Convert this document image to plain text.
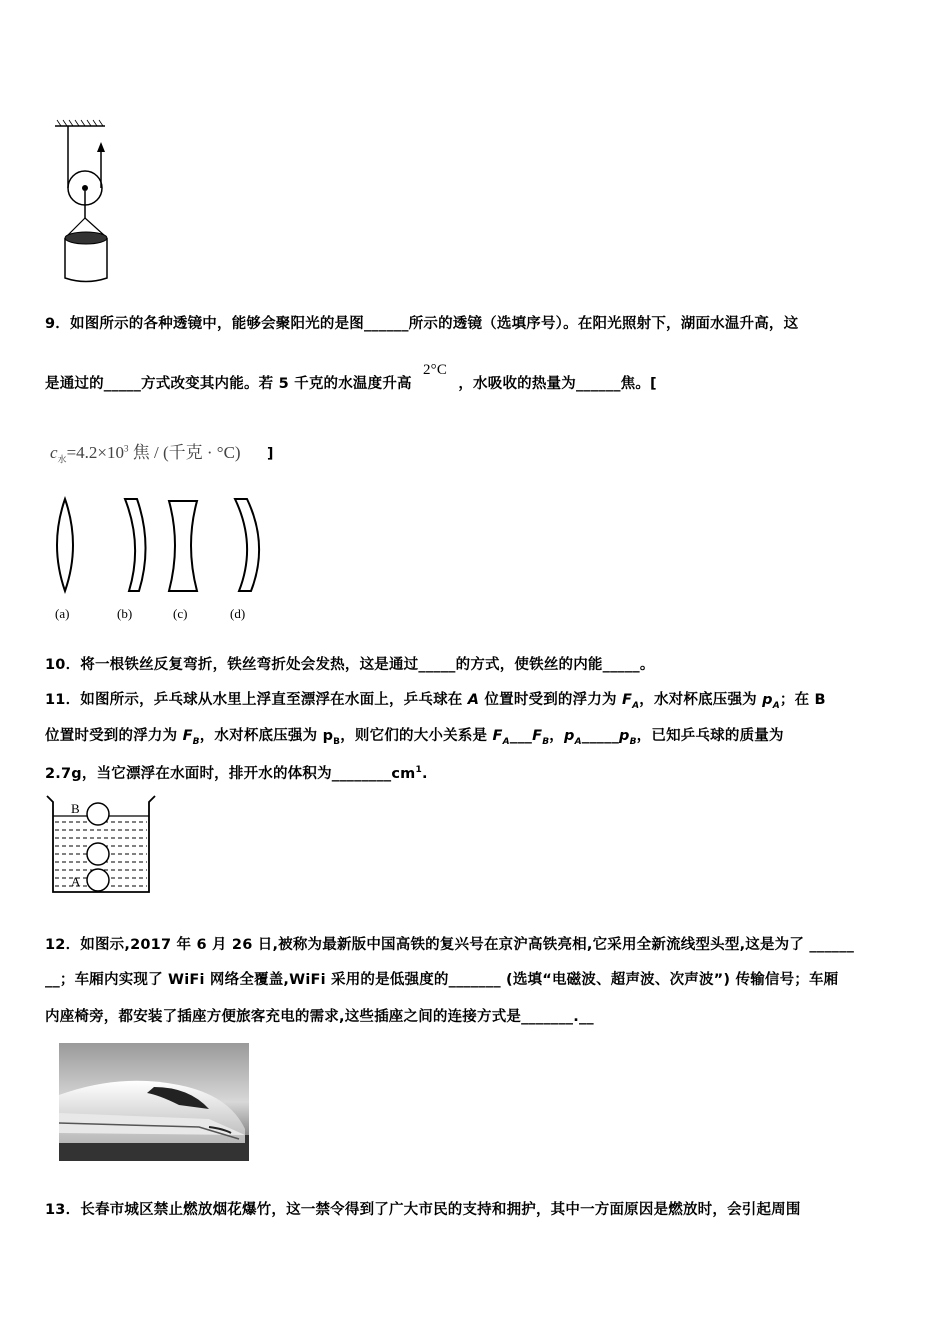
9．如图所示的各种透镜中，能够会聚阳光的是图______所示的透镜（选填序号）。在阳光照射下，湖面水温升高，这
是通过的_____方式改变其内能。若 5 千克的水温度升高 2°C ，水吸收的热量为______焦。[
$c_水=4.2\times 10^3$ 焦 / (千克 · °C) ]
(a)	(b)	(c)	(d)
10．将一根铁丝反复弯折，铁丝弯折处会发热，这是通过_____的方式，使铁丝的内能_____。
11．如图所示，乒乓球从水里上浮直至漂浮在水面上，乒乓球在 A 位置时受到的浮力为 $F_A$，水对杯底压强为 $p_A$；在 B
位置时受到的浮力为 $F_B$，水对杯底压强为 $p_B$，则它们的大小关系是 $F_A\_\_\_F_B$，$p_A\_\_\_\_\_p_B$，已知乒乓球的质量为
2.7g，当它漂浮在水面时，排开水的体积为$\_\_\_\_\_\_\_\_cm^1$.
B
A
12．如图示,2017 年 6 月 26 日,被称为最新版中国高铁的复兴号在京沪高铁亮相,它采用全新流线型头型,这是为了 ______
__；车厢内实现了 WiFi 网络全覆盖,WiFi 采用的是低强度的_______ (选填“电磁波、超声波、次声波”) 传输信号；车厢
内座椅旁，都安装了插座方便旅客充电的需求,这些插座之间的连接方式是_______.__
13．长春市城区禁止燃放烟花爆竹，这一禁令得到了广大市民的支持和拥护，其中一方面原因是燃放时，会引起周围
